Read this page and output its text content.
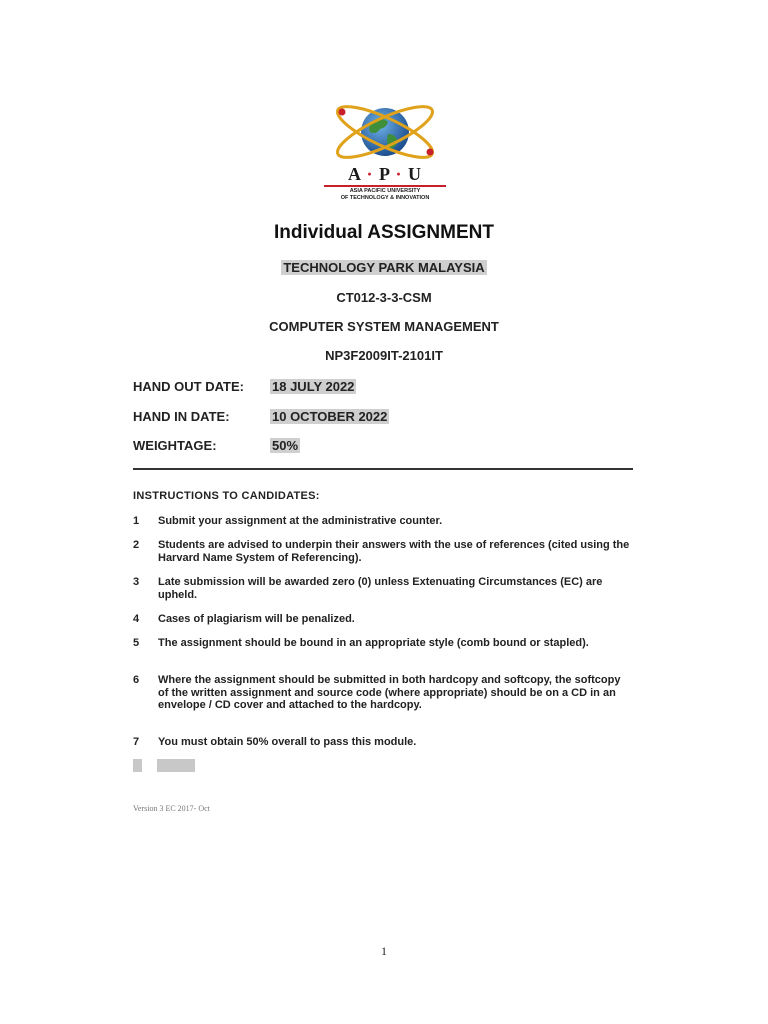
A · P · U
ASIA PACIFIC UNIVERSITY
OF TECHNOLOGY & INNOVATION
Individual ASSIGNMENT
TECHNOLOGY PARK MALAYSIA
CT012-3-3-CSM
COMPUTER SYSTEM MANAGEMENT
NP3F2009IT-2101IT
HAND OUT DATE: 18 JULY 2022
HAND IN DATE:	10 OCTOBER 2022
WEIGHTAGE:	50%
INSTRUCTIONS TO CANDIDATES:
1 Submit your assignment at the administrative counter.
2 Students are advised to underpin their answers with the use of references (cited using the Harvard Name System of Referencing).
3 Late submission will be awarded zero (0) unless Extenuating Circumstances (EC) are upheld.
4 Cases of plagiarism will be penalized.
5 The assignment should be bound in an appropriate style (comb bound or stapled).
6 Where the assignment should be submitted in both hardcopy and softcopy, the softcopy of the written assignment and source code (where appropriate) should be on a CD in an envelope / CD cover and attached to the hardcopy.
7 You must obtain 50% overall to pass this module.
Version 3 EC 2017- Oct
1
